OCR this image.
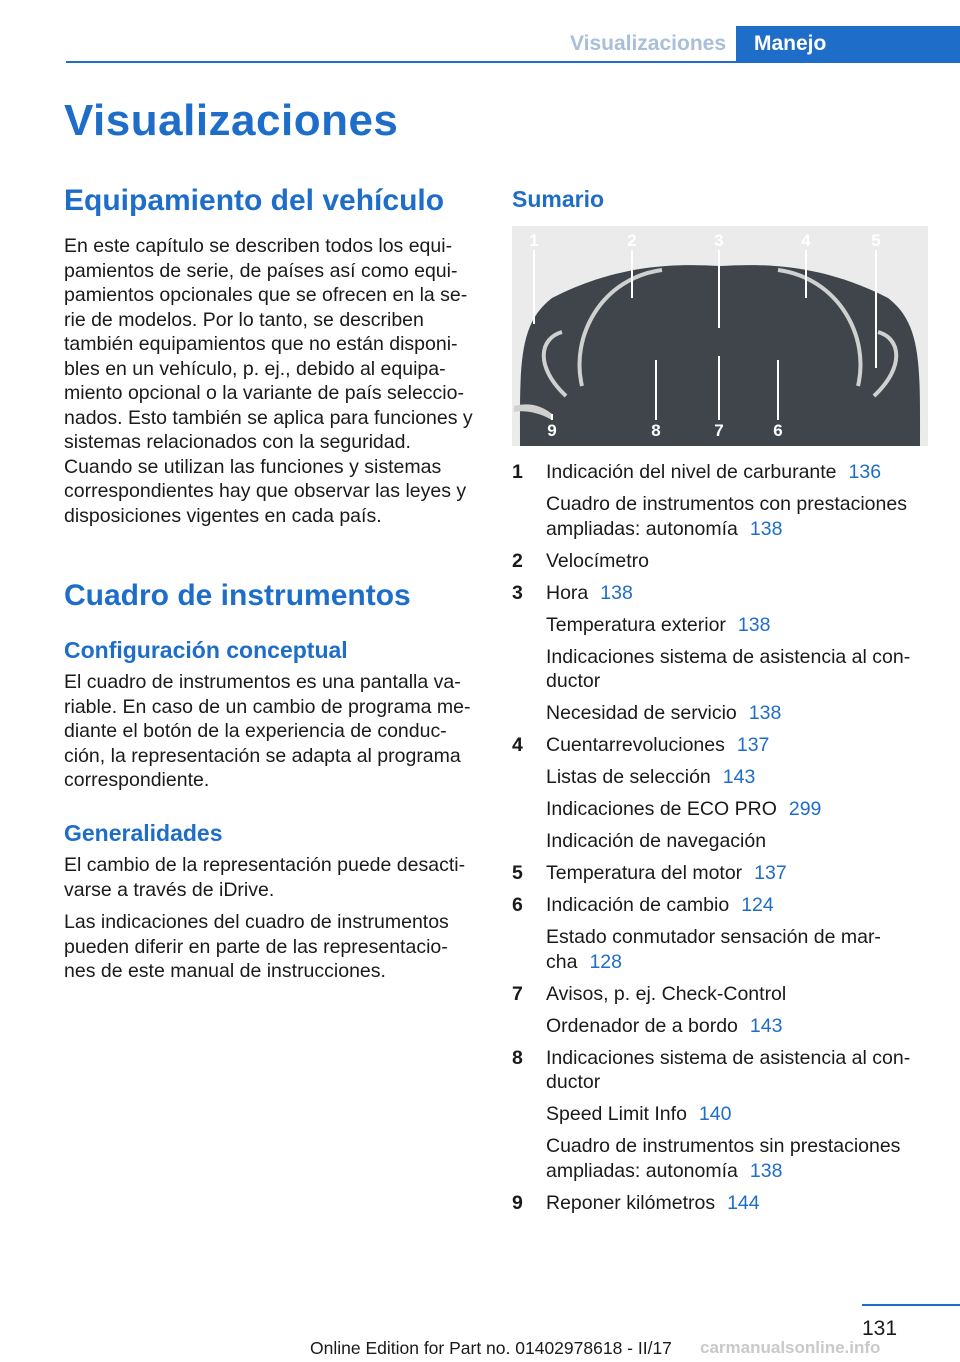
Visualizaciones	Manejo
Visualizaciones
Equipamiento del vehículo
En este capítulo se describen todos los equi-
pamientos de serie, de países así como equi-
pamientos opcionales que se ofrecen en la se-
rie de modelos. Por lo tanto, se describen
también equipamientos que no están disponi-
bles en un vehículo, p. ej., debido al equipa-
miento opcional o la variante de país seleccio-
nados. Esto también se aplica para funciones y
sistemas relacionados con la seguridad.
Cuando se utilizan las funciones y sistemas
correspondientes hay que observar las leyes y
disposiciones vigentes en cada país.
Cuadro de instrumentos
Configuración conceptual
El cuadro de instrumentos es una pantalla va-
riable. En caso de un cambio de programa me-
diante el botón de la experiencia de conduc-
ción, la representación se adapta al programa
correspondiente.
Generalidades
El cambio de la representación puede desacti-
varse a través de iDrive.
Las indicaciones del cuadro de instrumentos
pueden diferir en parte de las representacio-
nes de este manual de instrucciones.
Sumario
1	2	3	4	5
6
7
8
9
1 Indicación del nivel de carburante 136
Cuadro de instrumentos con prestaciones
ampliadas: autonomía 138
2 Velocímetro
3 Hora 138
Temperatura exterior 138
Indicaciones sistema de asistencia al con-
ductor
Necesidad de servicio 138
4 Cuentarrevoluciones 137
Listas de selección 143
Indicaciones de ECO PRO 299
Indicación de navegación
5 Temperatura del motor 137
6 Indicación de cambio 124
Estado conmutador sensación de mar-
cha 128
7 Avisos, p. ej. Check-Control
Ordenador de a bordo 143
8 Indicaciones sistema de asistencia al con-
ductor
Speed Limit Info 140
Cuadro de instrumentos sin prestaciones
ampliadas: autonomía 138
9 Reponer kilómetros 144
131
Online Edition for Part no. 01402978618 - II/17 carmanualsonline.info
